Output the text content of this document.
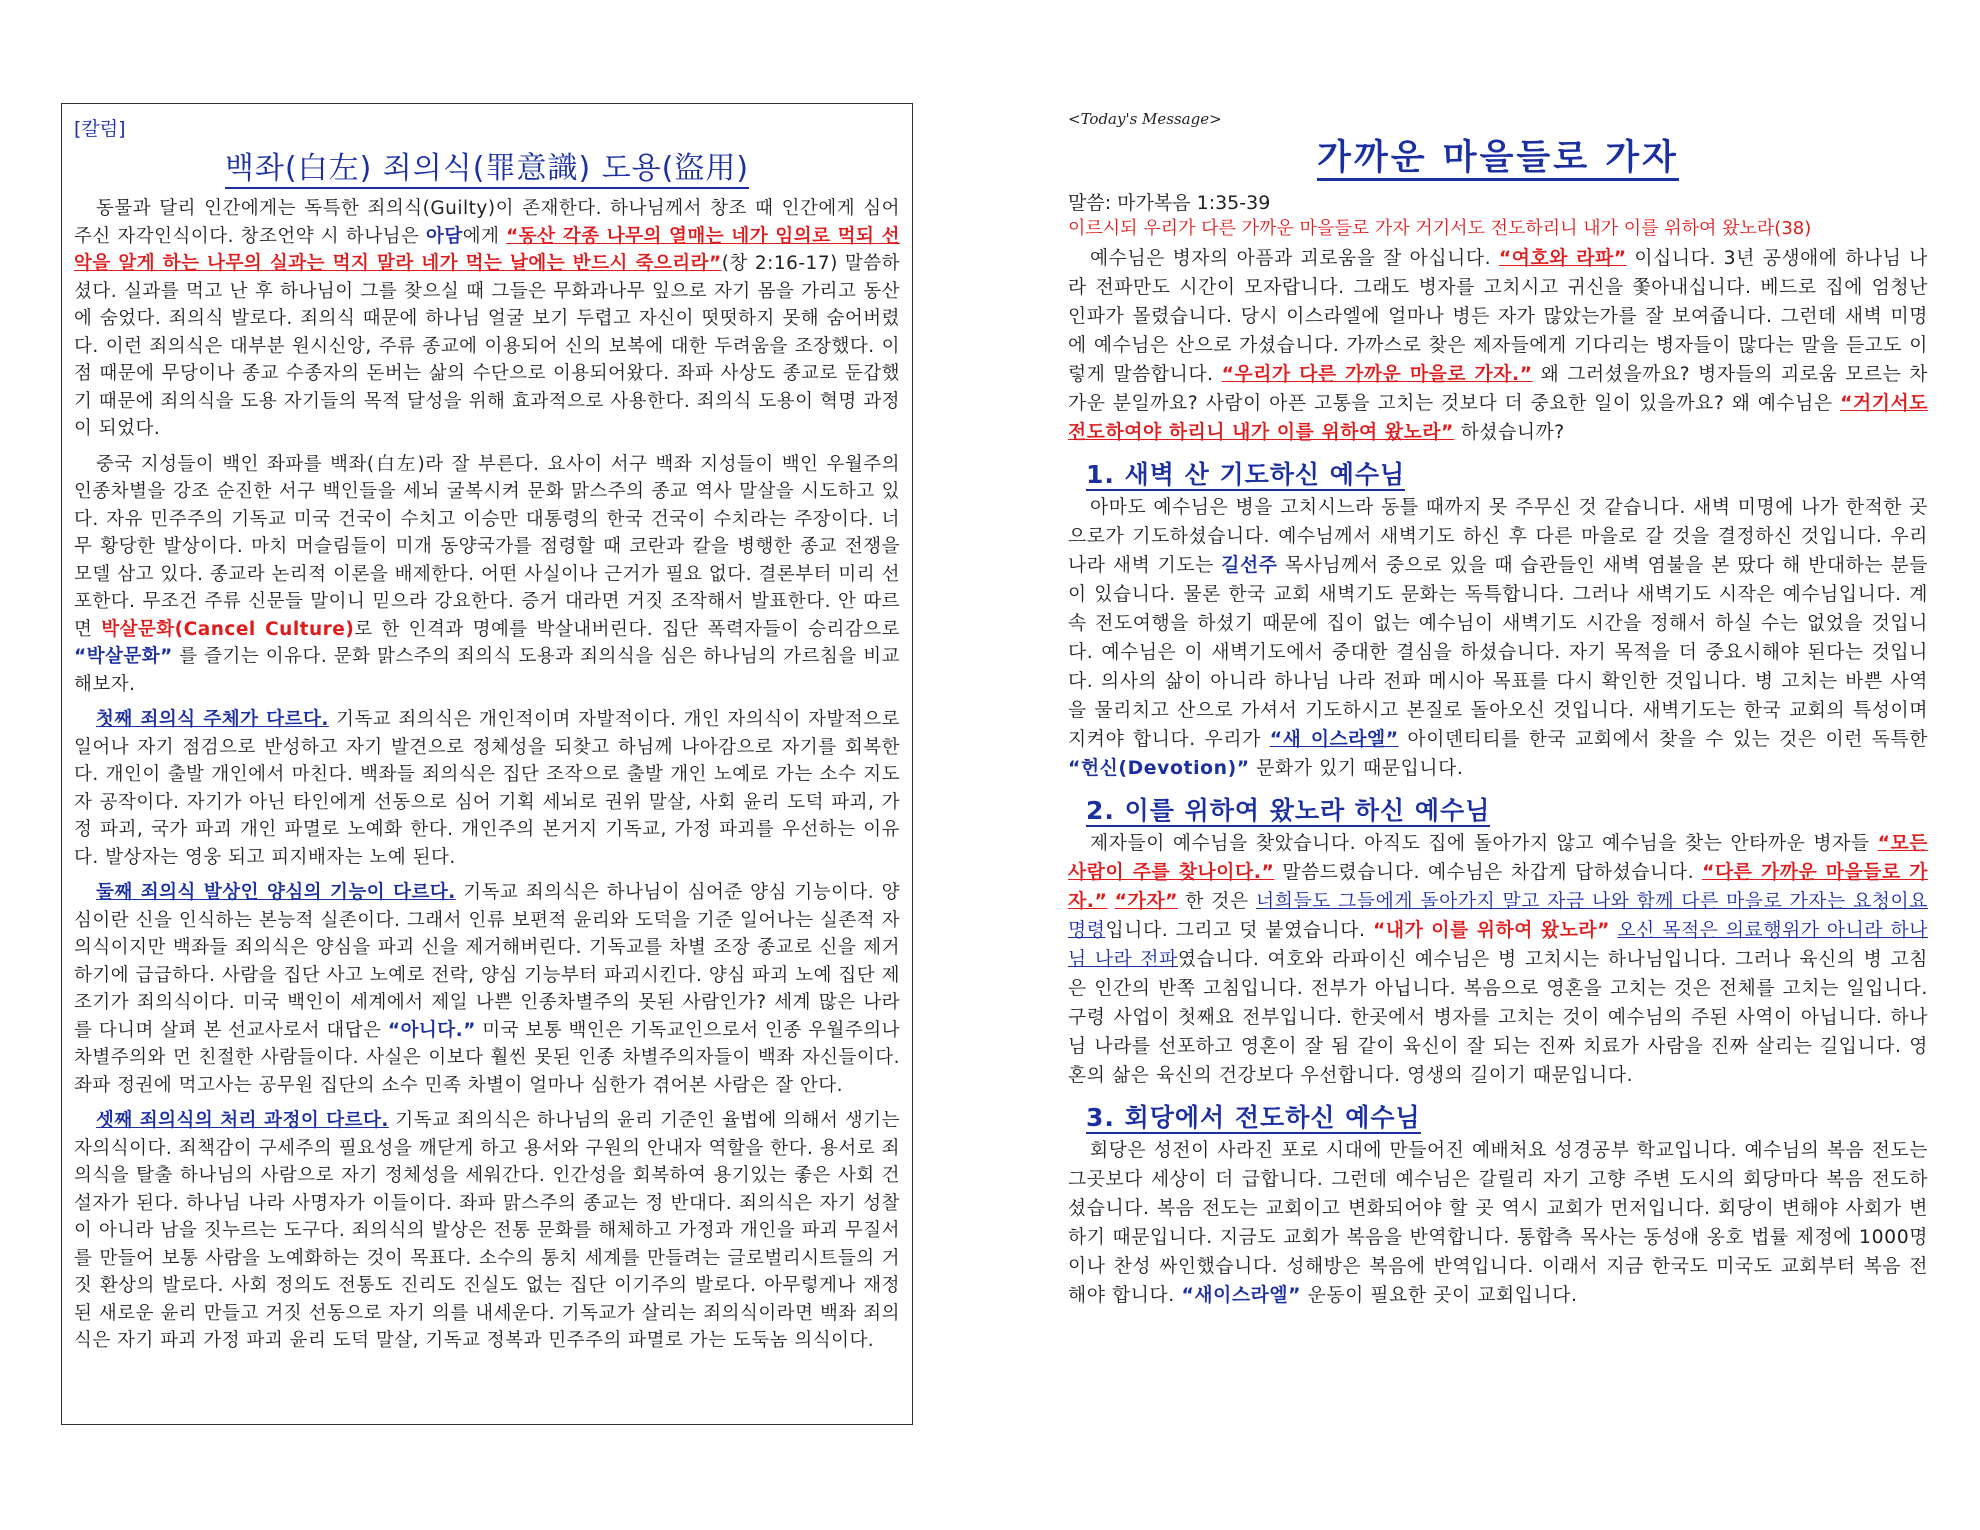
[칼럼]
백좌(白左) 죄의식(罪意識) 도용(盜用)

동물과 달리 인간에게는 독특한 죄의식(Guilty)이 존재한다. 하나님께서 창조 때 인간에게 심어주신 자각인식이다. 창조언약 시 하나님은 아담에게 “동산 각종 나무의 열매는 네가 임의로 먹되 선악을 알게 하는 나무의 실과는 먹지 말라 네가 먹는 날에는 반드시 죽으리라”(창 2:16-17) 말씀하셨다. 실과를 먹고 난 후 하나님이 그를 찾으실 때 그들은 무화과나무 잎으로 자기 몸을 가리고 동산에 숨었다. 죄의식 발로다. 죄의식 때문에 하나님 얼굴 보기 두렵고 자신이 떳떳하지 못해 숨어버렸다. 이런 죄의식은 대부분 원시신앙, 주류 종교에 이용되어 신의 보복에 대한 두려움을 조장했다. 이 점 때문에 무당이나 종교 수종자의 돈버는 삶의 수단으로 이용되어왔다. 좌파 사상도 종교로 둔갑했기 때문에 죄의식을 도용 자기들의 목적 달성을 위해 효과적으로 사용한다. 죄의식 도용이 혁명 과정이 되었다.

중국 지성들이 백인 좌파를 백좌(白左)라 잘 부른다. 요사이 서구 백좌 지성들이 백인 우월주의 인종차별을 강조 순진한 서구 백인들을 세뇌 굴복시켜 문화 맑스주의 종교 역사 말살을 시도하고 있다. 자유 민주주의 기독교 미국 건국이 수치고 이승만 대통령의 한국 건국이 수치라는 주장이다. 너무 황당한 발상이다. 마치 머슬림들이 미개 동양국가를 점령할 때 코란과 칼을 병행한 종교 전쟁을 모델 삼고 있다. 종교라 논리적 이론을 배제한다. 어떤 사실이나 근거가 필요 없다. 결론부터 미리 선포한다. 무조건 주류 신문들 말이니 믿으라 강요한다. 증거 대라면 거짓 조작해서 발표한다. 안 따르면 박살문화(Cancel Culture)로 한 인격과 명예를 박살내버린다. 집단 폭력자들이 승리감으로 “박살문화” 를 즐기는 이유다. 문화 맑스주의 죄의식 도용과 죄의식을 심은 하나님의 가르침을 비교해보자.

첫째 죄의식 주체가 다르다. 기독교 죄의식은 개인적이며 자발적이다. 개인 자의식이 자발적으로 일어나 자기 점검으로 반성하고 자기 발견으로 정체성을 되찾고 하님께 나아감으로 자기를 회복한다. 개인이 출발 개인에서 마친다. 백좌들 죄의식은 집단 조작으로 출발 개인 노예로 가는 소수 지도자 공작이다. 자기가 아닌 타인에게 선동으로 심어 기획 세뇌로 권위 말살, 사회 윤리 도덕 파괴, 가정 파괴, 국가 파괴 개인 파멸로 노예화 한다. 개인주의 본거지 기독교, 가정 파괴를 우선하는 이유다. 발상자는 영웅 되고 피지배자는 노예 된다.

둘째 죄의식 발상인 양심의 기능이 다르다. 기독교 죄의식은 하나님이 심어준 양심 기능이다. 양심이란 신을 인식하는 본능적 실존이다. 그래서 인류 보편적 윤리와 도덕을 기준 일어나는 실존적 자의식이지만 백좌들 죄의식은 양심을 파괴 신을 제거해버린다. 기독교를 차별 조장 종교로 신을 제거하기에 급급하다. 사람을 집단 사고 노예로 전락, 양심 기능부터 파괴시킨다. 양심 파괴 노예 집단 제조기가 죄의식이다. 미국 백인이 세계에서 제일 나쁜 인종차별주의 못된 사람인가? 세계 많은 나라를 다니며 살펴 본 선교사로서 대답은 “아니다.” 미국 보통 백인은 기독교인으로서 인종 우월주의나 차별주의와 먼 친절한 사람들이다. 사실은 이보다 훨씬 못된 인종 차별주의자들이 백좌 자신들이다. 좌파 정권에 먹고사는 공무원 집단의 소수 민족 차별이 얼마나 심한가 겪어본 사람은 잘 안다.

셋째 죄의식의 처리 과정이 다르다. 기독교 죄의식은 하나님의 윤리 기준인 율법에 의해서 생기는 자의식이다. 죄책감이 구세주의 필요성을 깨닫게 하고 용서와 구원의 안내자 역할을 한다. 용서로 죄의식을 탈출 하나님의 사람으로 자기 정체성을 세워간다. 인간성을 회복하여 용기있는 좋은 사회 건설자가 된다. 하나님 나라 사명자가 이들이다. 좌파 맑스주의 종교는 정 반대다. 죄의식은 자기 성찰이 아니라 남을 짓누르는 도구다. 죄의식의 발상은 전통 문화를 해체하고 가정과 개인을 파괴 무질서를 만들어 보통 사람을 노예화하는 것이 목표다. 소수의 통치 세계를 만들려는 글로벌리시트들의 거짓 환상의 발로다. 사회 정의도 전통도 진리도 진실도 없는 집단 이기주의 발로다. 아무렇게나 재정된 새로운 윤리 만들고 거짓 선동으로 자기 의를 내세운다. 기독교가 살리는 죄의식이라면 백좌 죄의식은 자기 파괴 가정 파괴 윤리 도덕 말살, 기독교 정복과 민주주의 파멸로 가는 도둑놈 의식이다.

<Today's Message>
가까운 마을들로 가자

말씀: 마가복음 1:35-39

이르시되 우리가 다른 가까운 마을들로 가자 거기서도 전도하리니 내가 이를 위하여 왔노라(38)

예수님은 병자의 아픔과 괴로움을 잘 아십니다. “여호와 라파” 이십니다. 3년 공생애에 하나님 나라 전파만도 시간이 모자랍니다. 그래도 병자를 고치시고 귀신을 쫓아내십니다. 베드로 집에 엄청난 인파가 몰렸습니다. 당시 이스라엘에 얼마나 병든 자가 많았는가를 잘 보여줍니다. 그런데 새벽 미명에 예수님은 산으로 가셨습니다. 가까스로 찾은 제자들에게 기다리는 병자들이 많다는 말을 듣고도 이렇게 말씀합니다. “우리가 다른 가까운 마을로 가자.” 왜 그러셨을까요? 병자들의 괴로움 모르는 차가운 분일까요? 사람이 아픈 고통을 고치는 것보다 더 중요한 일이 있을까요? 왜 예수님은 “거기서도 전도하여야 하리니 내가 이를 위하여 왔노라” 하셨습니까?

1. 새벽 산 기도하신 예수님

아마도 예수님은 병을 고치시느라 동틀 때까지 못 주무신 것 같습니다. 새벽 미명에 나가 한적한 곳으로가 기도하셨습니다. 예수님께서 새벽기도 하신 후 다른 마을로 갈 것을 결정하신 것입니다. 우리나라 새벽 기도는 길선주 목사님께서 중으로 있을 때 습관들인 새벽 염불을 본 땄다 해 반대하는 분들이 있습니다. 물론 한국 교회 새벽기도 문화는 독특합니다. 그러나 새벽기도 시작은 예수님입니다. 계속 전도여행을 하셨기 때문에 집이 없는 예수님이 새벽기도 시간을 정해서 하실 수는 없었을 것입니다. 예수님은 이 새벽기도에서 중대한 결심을 하셨습니다. 자기 목적을 더 중요시해야 된다는 것입니다. 의사의 삶이 아니라 하나님 나라 전파 메시아 목표를 다시 확인한 것입니다. 병 고치는 바쁜 사역을 물리치고 산으로 가셔서 기도하시고 본질로 돌아오신 것입니다. 새벽기도는 한국 교회의 특성이며 지켜야 합니다. 우리가 “새 이스라엘” 아이덴티티를 한국 교회에서 찾을 수 있는 것은 이런 독특한 “헌신(Devotion)” 문화가 있기 때문입니다.

2. 이를 위하여 왔노라 하신 예수님

제자들이 예수님을 찾았습니다. 아직도 집에 돌아가지 않고 예수님을 찾는 안타까운 병자들 “모든 사람이 주를 찾나이다.” 말씀드렸습니다. 예수님은 차갑게 답하셨습니다. “다른 가까운 마을들로 가자.” “가자” 한 것은 너희들도 그들에게 돌아가지 말고 자금 나와 함께 다른 마을로 가자는 요청이요 명령입니다. 그리고 덧 붙였습니다. “내가 이를 위하여 왔노라” 오신 목적은 의료행위가 아니라 하나님 나라 전파였습니다. 여호와 라파이신 예수님은 병 고치시는 하나님입니다. 그러나 육신의 병 고침은 인간의 반쪽 고침입니다. 전부가 아닙니다. 복음으로 영혼을 고치는 것은 전체를 고치는 일입니다. 구령 사업이 첫째요 전부입니다. 한곳에서 병자를 고치는 것이 예수님의 주된 사역이 아닙니다. 하나님 나라를 선포하고 영혼이 잘 됨 같이 육신이 잘 되는 진짜 치료가 사람을 진짜 살리는 길입니다. 영혼의 삶은 육신의 건강보다 우선합니다. 영생의 길이기 때문입니다.

3. 회당에서 전도하신 예수님

회당은 성전이 사라진 포로 시대에 만들어진 예배처요 성경공부 학교입니다. 예수님의 복음 전도는 그곳보다 세상이 더 급합니다. 그런데 예수님은 갈릴리 자기 고향 주변 도시의 회당마다 복음 전도하셨습니다. 복음 전도는 교회이고 변화되어야 할 곳 역시 교회가 먼저입니다. 회당이 변해야 사회가 변하기 때문입니다. 지금도 교회가 복음을 반역합니다. 통합측 목사는 동성애 옹호 법률 제정에 1000명이나 찬성 싸인했습니다. 성해방은 복음에 반역입니다. 이래서 지금 한국도 미국도 교회부터 복음 전해야 합니다. “새이스라엘” 운동이 필요한 곳이 교회입니다.
